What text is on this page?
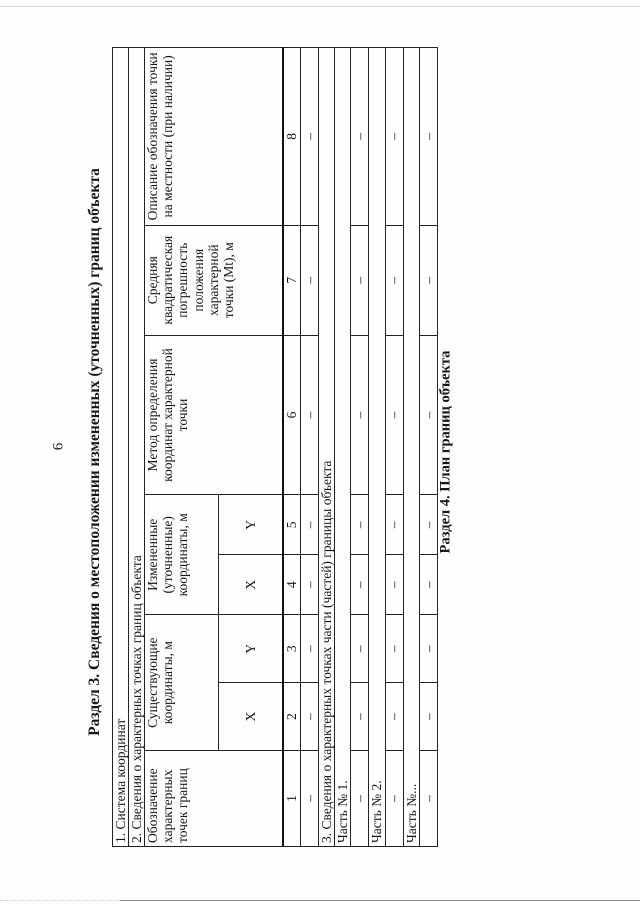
6 Раздел 3. Сведения о местоположении измененных (уточненных) границ объекта	Раздел 4. План границ объекта
1. Система координат							
2. Сведения о характерных точках границ объекта							
Обозначение характерных точек границ	Существующие координаты, м		Измененные (уточненные) координаты, м		Метод определения координат характерной точки	Средняя квадратическая погрешность положения характерной точки (Mt), м	Описание обозначения точки на местности (при наличии)
	X	Y	X	Y			
1	2	3	4	5	6	7	8
–	–	–	–	–	–	–	–
3. Сведения о характерных точках части (частей) границы объекта							
Часть № 1.							
–	–	–	–	–	–	–	–
Часть № 2.							
–	–	–	–	–	–	–	–
Часть №...							
–	–	–	–	–	–	–	–
